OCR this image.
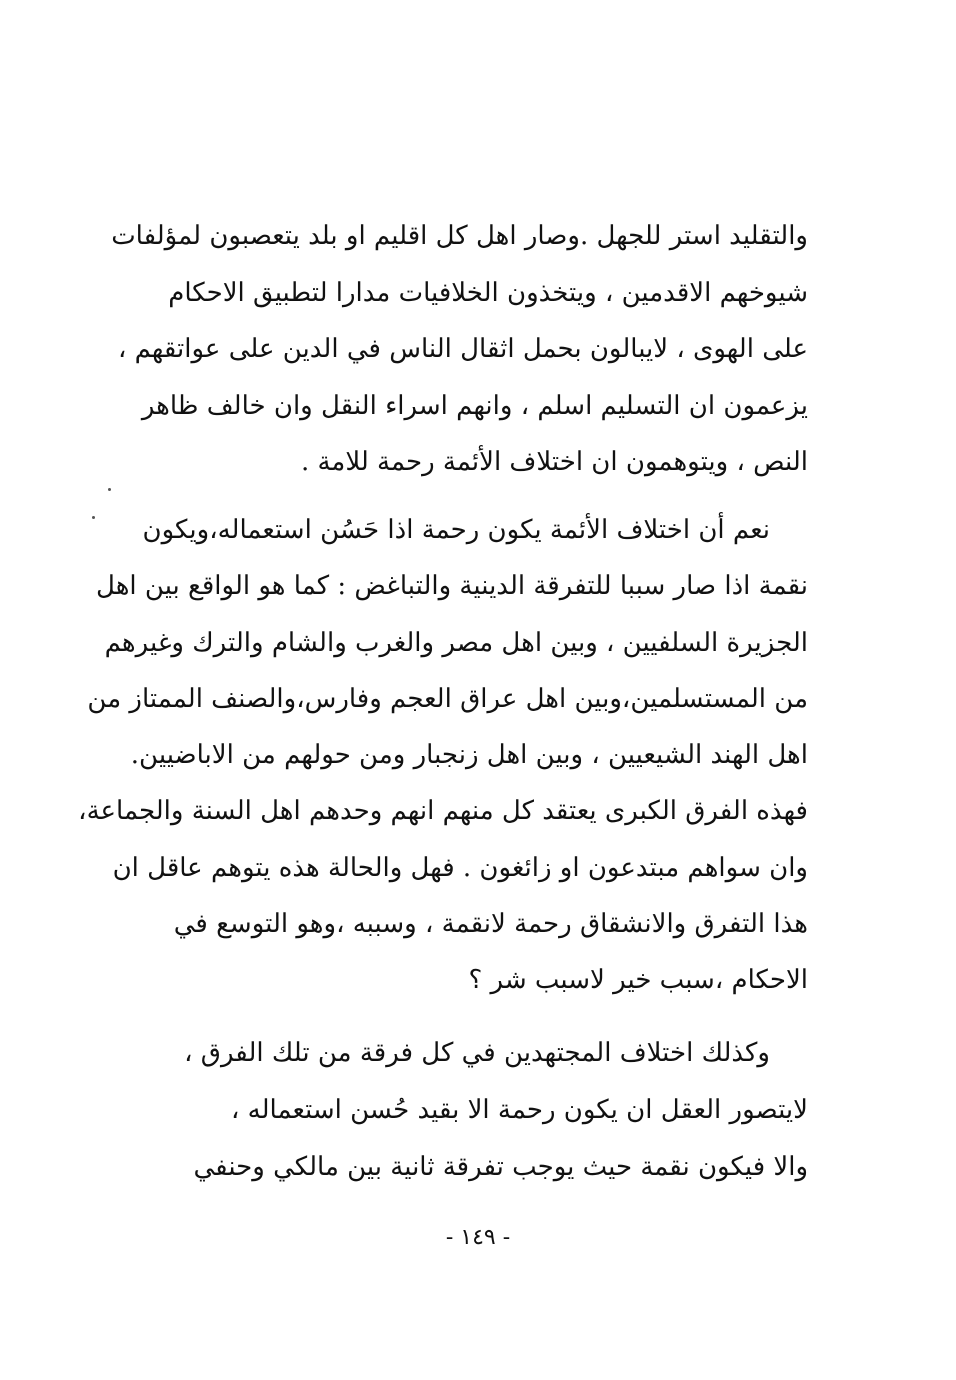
والتقليد استر للجهل .وصار اهل كل اقليم او بلد يتعصبون لمؤلفات
شيوخهم الاقدمين ، ويتخذون الخلافيات مدارا لتطبيق الاحكام
على الهوى ، لايبالون بحمل اثقال الناس في الدين على عواتقهم ،
يزعمون ان التسليم اسلم ، وانهم اسراء النقل وان خالف ظاهر
النص ، ويتوهمون ان اختلاف الأئمة رحمة للامة .
نعم أن اختلاف الأئمة يكون رحمة اذا حَسُن استعماله،ويكون
نقمة اذا صار سببا للتفرقة الدينية والتباغض : كما هو الواقع بين اهل
الجزيرة السلفيين ، وبين اهل مصر والغرب والشام والترك وغيرهم
من المستسلمين،وبين اهل عراق العجم وفارس،والصنف الممتاز من
اهل الهند الشيعيين ، وبين اهل زنجبار ومن حولهم من الاباضيين.
فهذه الفرق الكبرى يعتقد كل منهم انهم وحدهم اهل السنة والجماعة،
وان سواهم مبتدعون او زائغون . فهل والحالة هذه يتوهم عاقل ان
هذا التفرق والانشقاق رحمة لانقمة ، وسببه ،وهو التوسع في
الاحكام ،سبب خير لاسبب شر ؟
وكذلك اختلاف المجتهدين في كل فرقة من تلك الفرق ،
لايتصور العقل ان يكون رحمة الا بقيد حُسن استعماله ،
والا فيكون نقمة حيث يوجب تفرقة ثانية بين مالكي وحنفي
- ١٤٩ -
